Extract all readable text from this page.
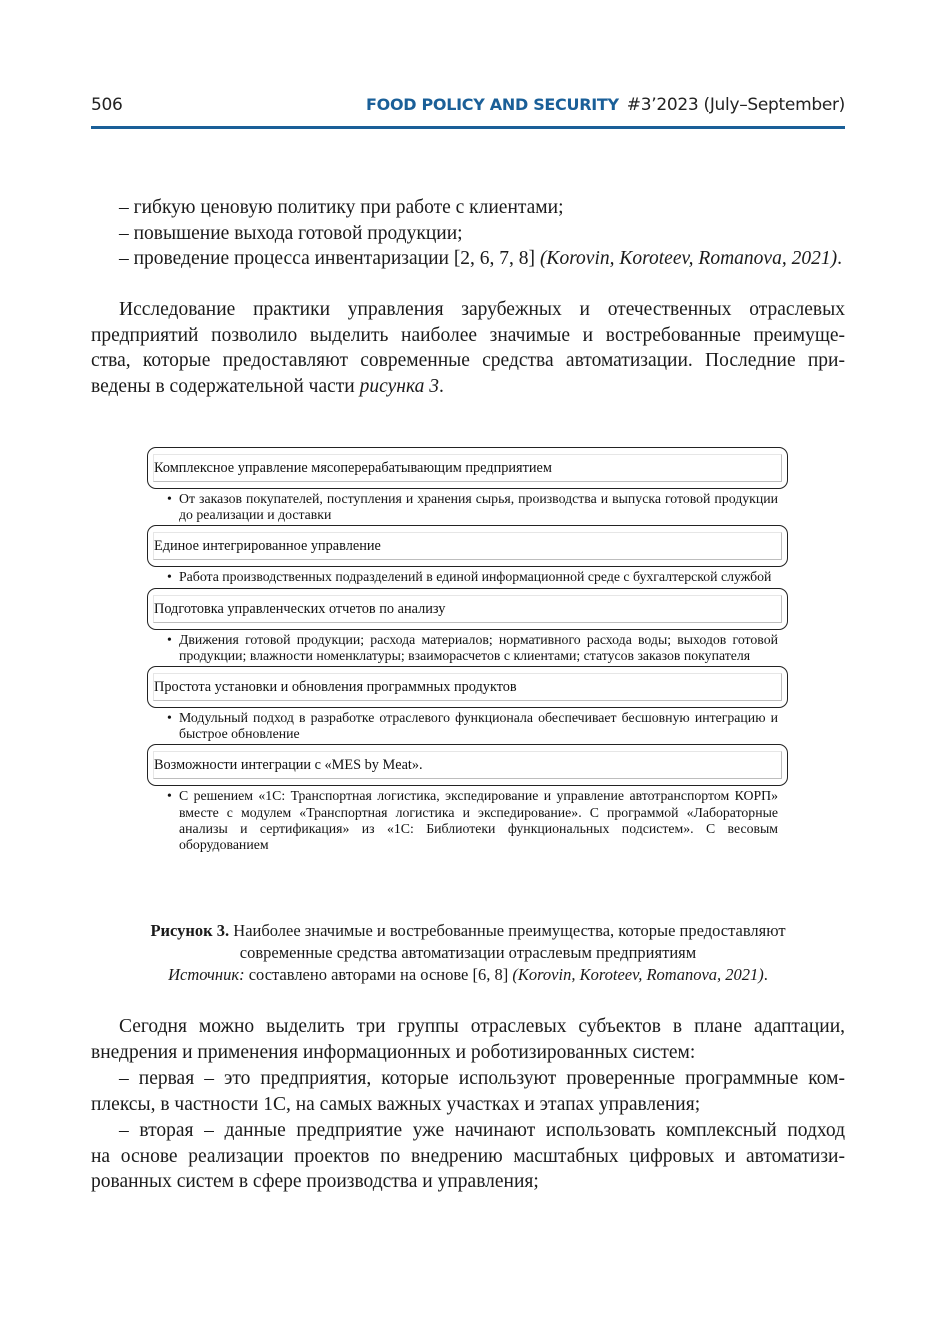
506	FOOD POLICY AND SECURITY #3’2023 (July–September)
– гибкую ценовую политику при работе с клиентами;
– повышение выхода готовой продукции;
– проведение процесса инвентаризации [2, 6, 7, 8] (Korovin, Koroteev, Romanova, 2021).
Исследование практики управления зарубежных и отечественных отраслевых
предприятий позволило выделить наиболее значимые и востребованные преимуще-
ства, которые предоставляют современные средства автоматизации. Последние при-
ведены в содержательной части рисунка 3.
Комплексное управление мясоперерабатывающим предприятием
• От заказов покупателей, поступления и хранения сырья, производства и выпуска готовой продукции до реализации и доставки
Единое интегрированное управление
• Работа производственных подразделений в единой информационной среде с бухгалтерской службой
Подготовка управленческих отчетов по анализу
• Движения готовой продукции; расхода материалов; нормативного расхода воды; выходов готовой продукции; влажности номенклатуры; взаиморасчетов с клиентами; статусов заказов покупателя
Простота установки и обновления программных продуктов
• Модульный подход в разработке отраслевого функционала обеспечивает бесшовную интеграцию и быстрое обновление
Возможности интеграции с «MES by Meat».
• С решением «1С: Транспортная логистика, экспедирование и управление автотранспортом КОРП» вместе с модулем «Транспортная логистика и экспедирование». С программой «Лабораторные анализы и сертификация» из «1С: Библиотеки функциональных подсистем». С весовым оборудованием
Рисунок 3. Наиболее значимые и востребованные преимущества, которые предоставляют
современные средства автоматизации отраслевым предприятиям
Источник: составлено авторами на основе [6, 8] (Korovin, Koroteev, Romanova, 2021).
Сегодня можно выделить три группы отраслевых субъектов в плане адаптации,
внедрения и применения информационных и роботизированных систем:
– первая – это предприятия, которые используют проверенные программные ком-
плексы, в частности 1С, на самых важных участках и этапах управления;
– вторая – данные предприятие уже начинают использовать комплексный подход
на основе реализации проектов по внедрению масштабных цифровых и автоматизи-
рованных систем в сфере производства и управления;
